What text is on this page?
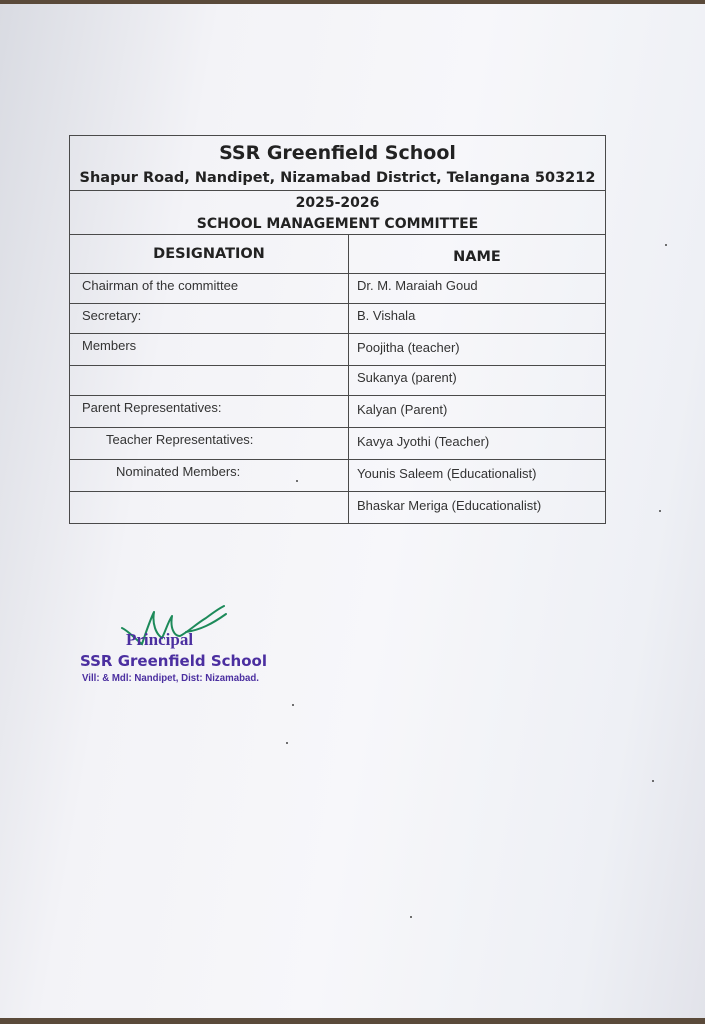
SSR Greenfield School
Shapur Road, Nandipet, Nizamabad District, Telangana 503212
2025-2026
SCHOOL MANAGEMENT COMMITTEE
DESIGNATION	NAME
Chairman of the committee	Dr. M. Maraiah Goud
Secretary:	B. Vishala
Members	Poojitha (teacher)
	Sukanya (parent)
Parent Representatives:	Kalyan (Parent)
Teacher Representatives:	Kavya Jyothi (Teacher)
Nominated Members:	Younis Saleem (Educationalist)
	Bhaskar Meriga (Educationalist)
Principal
SSR Greenfield School
Vill: & Mdl: Nandipet, Dist: Nizamabad.
